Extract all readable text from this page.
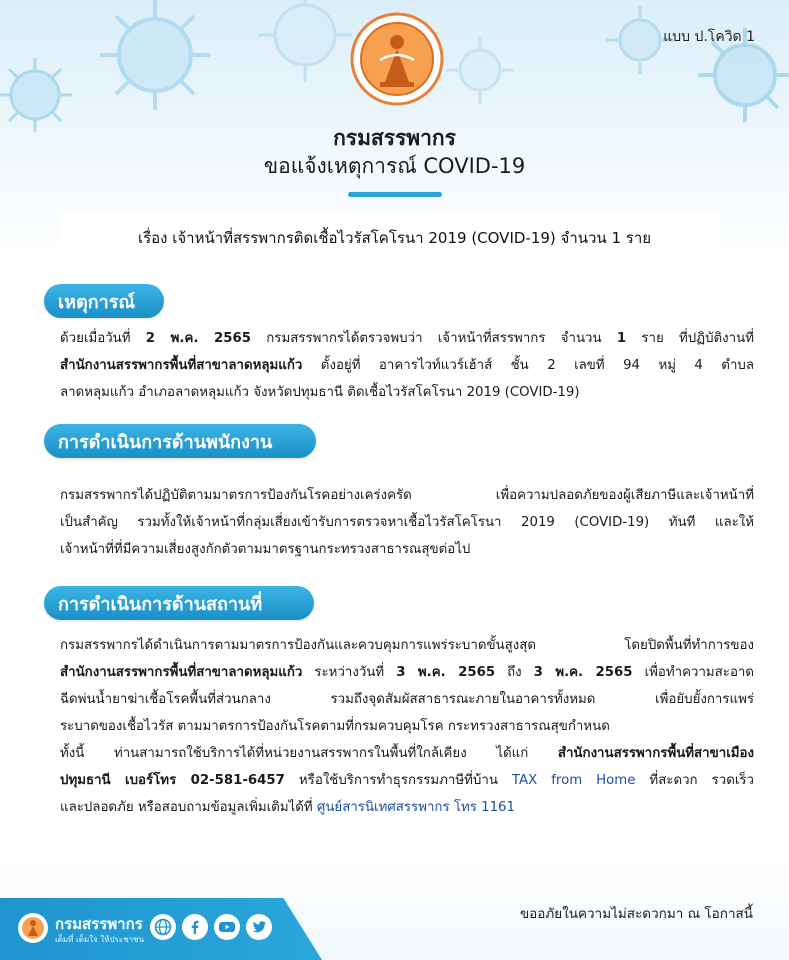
แบบ ป.โควิด 1
กรมสรรพากร
ขอแจ้งเหตุการณ์ COVID-19
เรื่อง เจ้าหน้าที่สรรพากรติดเชื้อไวรัสโคโรนา 2019 (COVID-19) จำนวน 1 ราย
เหตุการณ์
ด้วยเมื่อวันที่ 2 พ.ค. 2565 กรมสรรพากรได้ตรวจพบว่า เจ้าหน้าที่สรรพากร จำนวน 1 ราย ที่ปฏิบัติงานที่
สำนักงานสรรพากรพื้นที่สาขาลาดหลุมแก้ว ตั้งอยู่ที่ อาคารไวท์แวร์เฮ้าส์ ชั้น 2 เลขที่ 94 หมู่ 4 ตำบล
ลาดหลุมแก้ว อำเภอลาดหลุมแก้ว จังหวัดปทุมธานี ติดเชื้อไวรัสโคโรนา 2019 (COVID-19)
การดำเนินการด้านพนักงาน
กรมสรรพากรได้ปฏิบัติตามมาตรการป้องกันโรคอย่างเคร่งครัด เพื่อความปลอดภัยของผู้เสียภาษีและเจ้าหน้าที่
เป็นสำคัญ รวมทั้งให้เจ้าหน้าที่กลุ่มเสี่ยงเข้ารับการตรวจหาเชื้อไวรัสโคโรนา 2019 (COVID-19) ทันที และให้
เจ้าหน้าที่ที่มีความเสี่ยงสูงกักตัวตามมาตรฐานกระทรวงสาธารณสุขต่อไป
การดำเนินการด้านสถานที่
กรมสรรพากรได้ดำเนินการตามมาตรการป้องกันและควบคุมการแพร่ระบาดขั้นสูงสุด โดยปิดพื้นที่ทำการของ
สำนักงานสรรพากรพื้นที่สาขาลาดหลุมแก้ว ระหว่างวันที่ 3 พ.ค. 2565 ถึง 3 พ.ค. 2565 เพื่อทำความสะอาด
ฉีดพ่นน้ำยาฆ่าเชื้อโรคพื้นที่ส่วนกลาง รวมถึงจุดสัมผัสสาธารณะภายในอาคารทั้งหมด เพื่อยับยั้งการแพร่
ระบาดของเชื้อไวรัส ตามมาตรการป้องกันโรคตามที่กรมควบคุมโรค กระทรวงสาธารณสุขกำหนด
ทั้งนี้ ท่านสามารถใช้บริการได้ที่หน่วยงานสรรพากรในพื้นที่ใกล้เคียง ได้แก่ สำนักงานสรรพากรพื้นที่สาขาเมือง
ปทุมธานี เบอร์โทร 02-581-6457 หรือใช้บริการทำธุรกรรมภาษีที่บ้าน TAX from Home ที่สะดวก รวดเร็ว
และปลอดภัย หรือสอบถามข้อมูลเพิ่มเติมได้ที่ ศูนย์สารนิเทศสรรพากร โทร 1161
กรมสรรพากร
เต็มที่ เต็มใจ ให้ประชาชน
ขออภัยในความไม่สะดวกมา ณ โอกาสนี้
